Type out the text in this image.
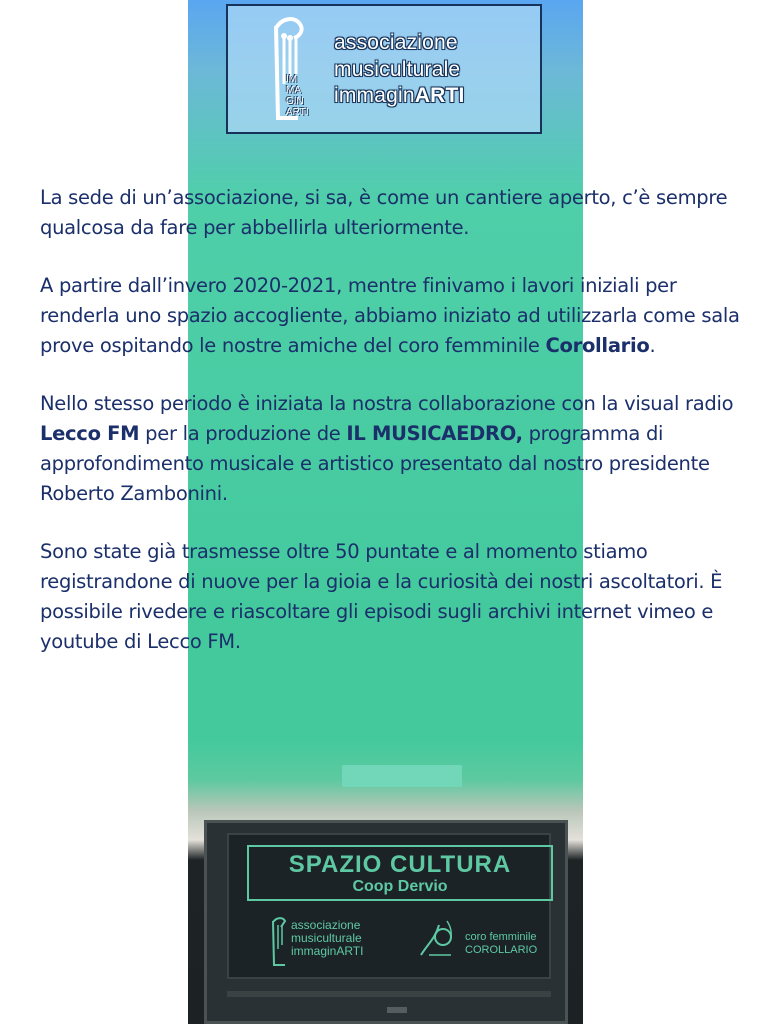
IM
MA
GIN
ARTI
associazione
musiculturale
immaginARTI

La sede di un’associazione, si sa, è come un cantiere aperto, c’è sempre qualcosa da fare per abbellirla ulteriormente.

A partire dall’invero 2020-2021, mentre finivamo i lavori iniziali per renderla uno spazio accogliente, abbiamo iniziato ad utilizzarla come sala prove ospitando le nostre amiche del coro femminile Corollario.

Nello stesso periodo è iniziata la nostra collaborazione con la visual radio Lecco FM per la produzione de IL MUSICAEDRO, programma di approfondimento musicale e artistico presentato dal nostro presidente Roberto Zambonini.

Sono state già trasmesse oltre 50 puntate e al momento stiamo registrandone di nuove per la gioia e la curiosità dei nostri ascoltatori. È possibile rivedere e riascoltare gli episodi sugli archivi internet vimeo e youtube di Lecco FM.

SPAZIO CULTURA
Coop Dervio
associazione
musiculturale
immaginARTI
coro femminile
COROLLARIO
